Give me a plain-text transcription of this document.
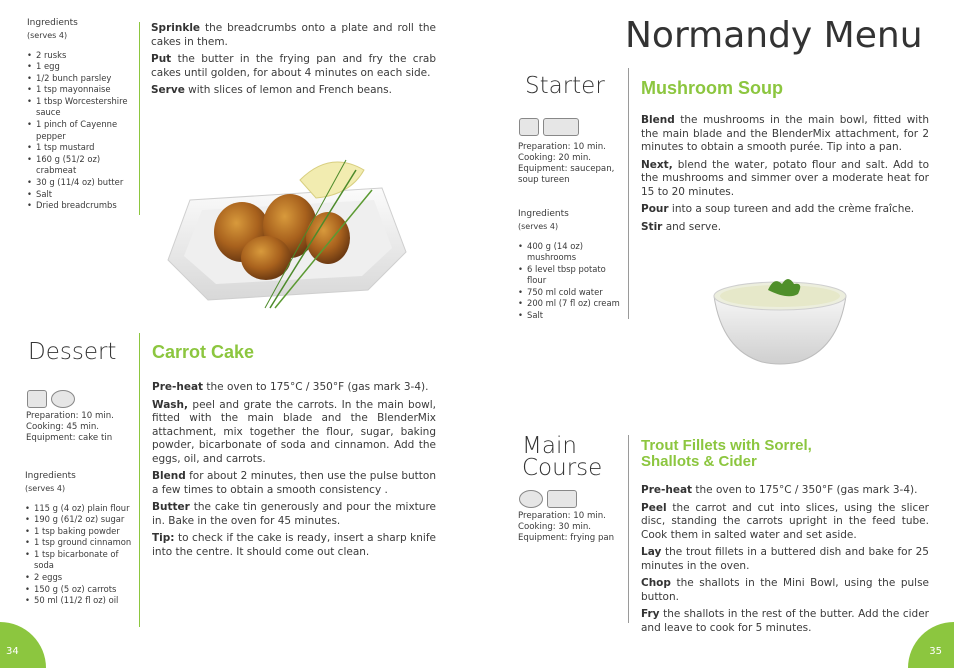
Ingredients
(serves 4)
• 2 rusks
• 1 egg
• 1/2 bunch parsley
• 1 tsp mayonnaise
• 1 tbsp Worcestershire sauce
• 1 pinch of Cayenne pepper
• 1 tsp mustard
• 160 g (51/2 oz) crabmeat
• 30 g (11/4 oz) butter
• Salt
• Dried breadcrumbs

Sprinkle the breadcrumbs onto a plate and roll the cakes in them.

Put the butter in the frying pan and fry the crab cakes until golden, for about 4 minutes on each side.

Serve with slices of lemon and French beans.

Dessert
Preparation: 10 min.
Cooking: 45 min.
Equipment: cake tin
Ingredients
(serves 4)
• 115 g (4 oz) plain flour
• 190 g (61/2 oz) sugar
• 1 tsp baking powder
• 1 tsp ground cinnamon
• 1 tsp bicarbonate of soda
• 2 eggs
• 150 g (5 oz) carrots
• 50 ml (11/2 fl oz) oil
Carrot Cake

Pre-heat the oven to 175°C / 350°F (gas mark 3-4).

Wash, peel and grate the carrots. In the main bowl, fitted with the main blade and the BlenderMix attachment, mix together the flour, sugar, baking powder, bicarbonate of soda and cinnamon. Add the eggs, oil, and carrots.

Blend for about 2 minutes, then use the pulse button a few times to obtain a smooth consistency .

Butter the cake tin generously and pour the mixture in. Bake in the oven for 45 minutes.

Tip: to check if the cake is ready, insert a sharp knife into the centre. It should come out clean.

34
Normandy Menu
Starter
Preparation: 10 min.
Cooking: 20 min.
Equipment: saucepan,
soup tureen
Ingredients
(serves 4)
• 400 g (14 oz) mushrooms
• 6 level tbsp potato flour
• 750 ml cold water
• 200 ml (7 fl oz) cream
• Salt
Mushroom Soup

Blend the mushrooms in the main bowl, fitted with the main blade and the BlenderMix attachment, for 2 minutes to obtain a smooth purée. Tip into a pan.

Next, blend the water, potato flour and salt. Add to the mushrooms and simmer over a moderate heat for 15 to 20 minutes.

Pour into a soup tureen and add the crème fraîche.

Stir and serve.

Main
Course
Preparation: 10 min.
Cooking: 30 min.
Equipment: frying pan
Trout Fillets with Sorrel,
Shallots & Cider

Pre-heat the oven to 175°C / 350°F (gas mark 3-4).

Peel the carrot and cut into slices, using the slicer disc, standing the carrots upright in the feed tube. Cook them in salted water and set aside.

Lay the trout fillets in a buttered dish and bake for 25 minutes in the oven.

Chop the shallots in the Mini Bowl, using the pulse button.

Fry the shallots in the rest of the butter. Add the cider and leave to cook for 5 minutes.

35
